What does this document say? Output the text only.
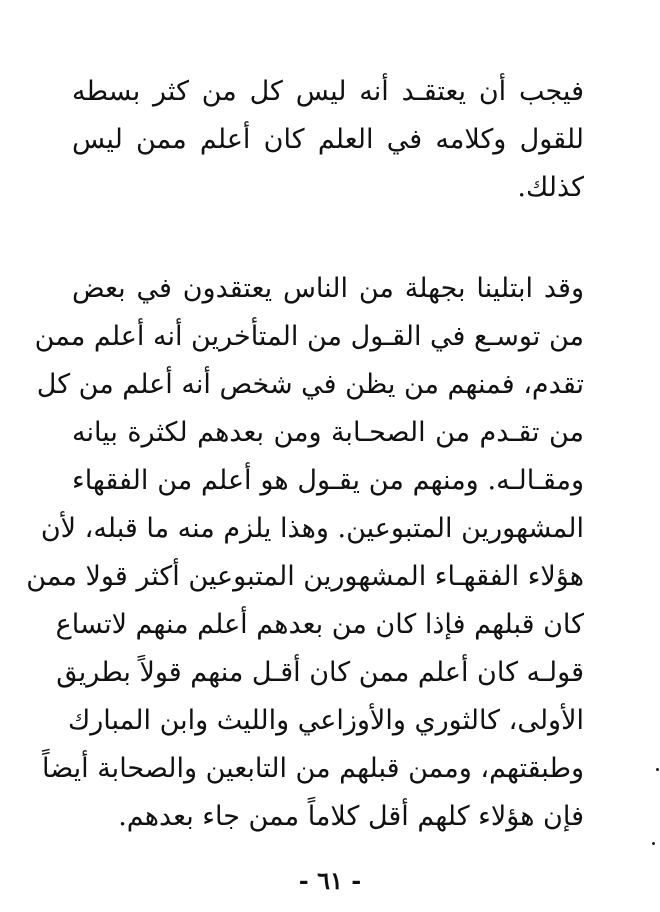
فيجب أن يعتقـد أنه ليس كل من كثر بسطه
للقول وكلامه في العلم كان أعلم ممن ليس
كذلك.
وقد ابتلينا بجهلة من الناس يعتقدون في بعض
من توسـع في القـول من المتأخرين أنه أعلم ممن
تقدم، فمنهم من يظن في شخص أنه أعلم من كل
من تقـدم من الصحـابة ومن بعدهم لكثرة بيانه
ومقـالـه. ومنهم من يقـول هو أعلم من الفقهاء
المشهورين المتبوعين. وهذا يلزم منه ما قبله، لأن
هؤلاء الفقهـاء المشهورين المتبوعين أكثر قولا ممن
كان قبلهم فإذا كان من بعدهم أعلم منهم لاتساع
قولـه كان أعلم ممن كان أقـل منهم قولاً بطريق
الأولى، كالثوري والأوزاعي والليث وابن المبارك
وطبقتهم، وممن قبلهم من التابعين والصحابة أيضاً
فإن هؤلاء كلهم أقل كلاماً ممن جاء بعدهم.
- ٦١ -
